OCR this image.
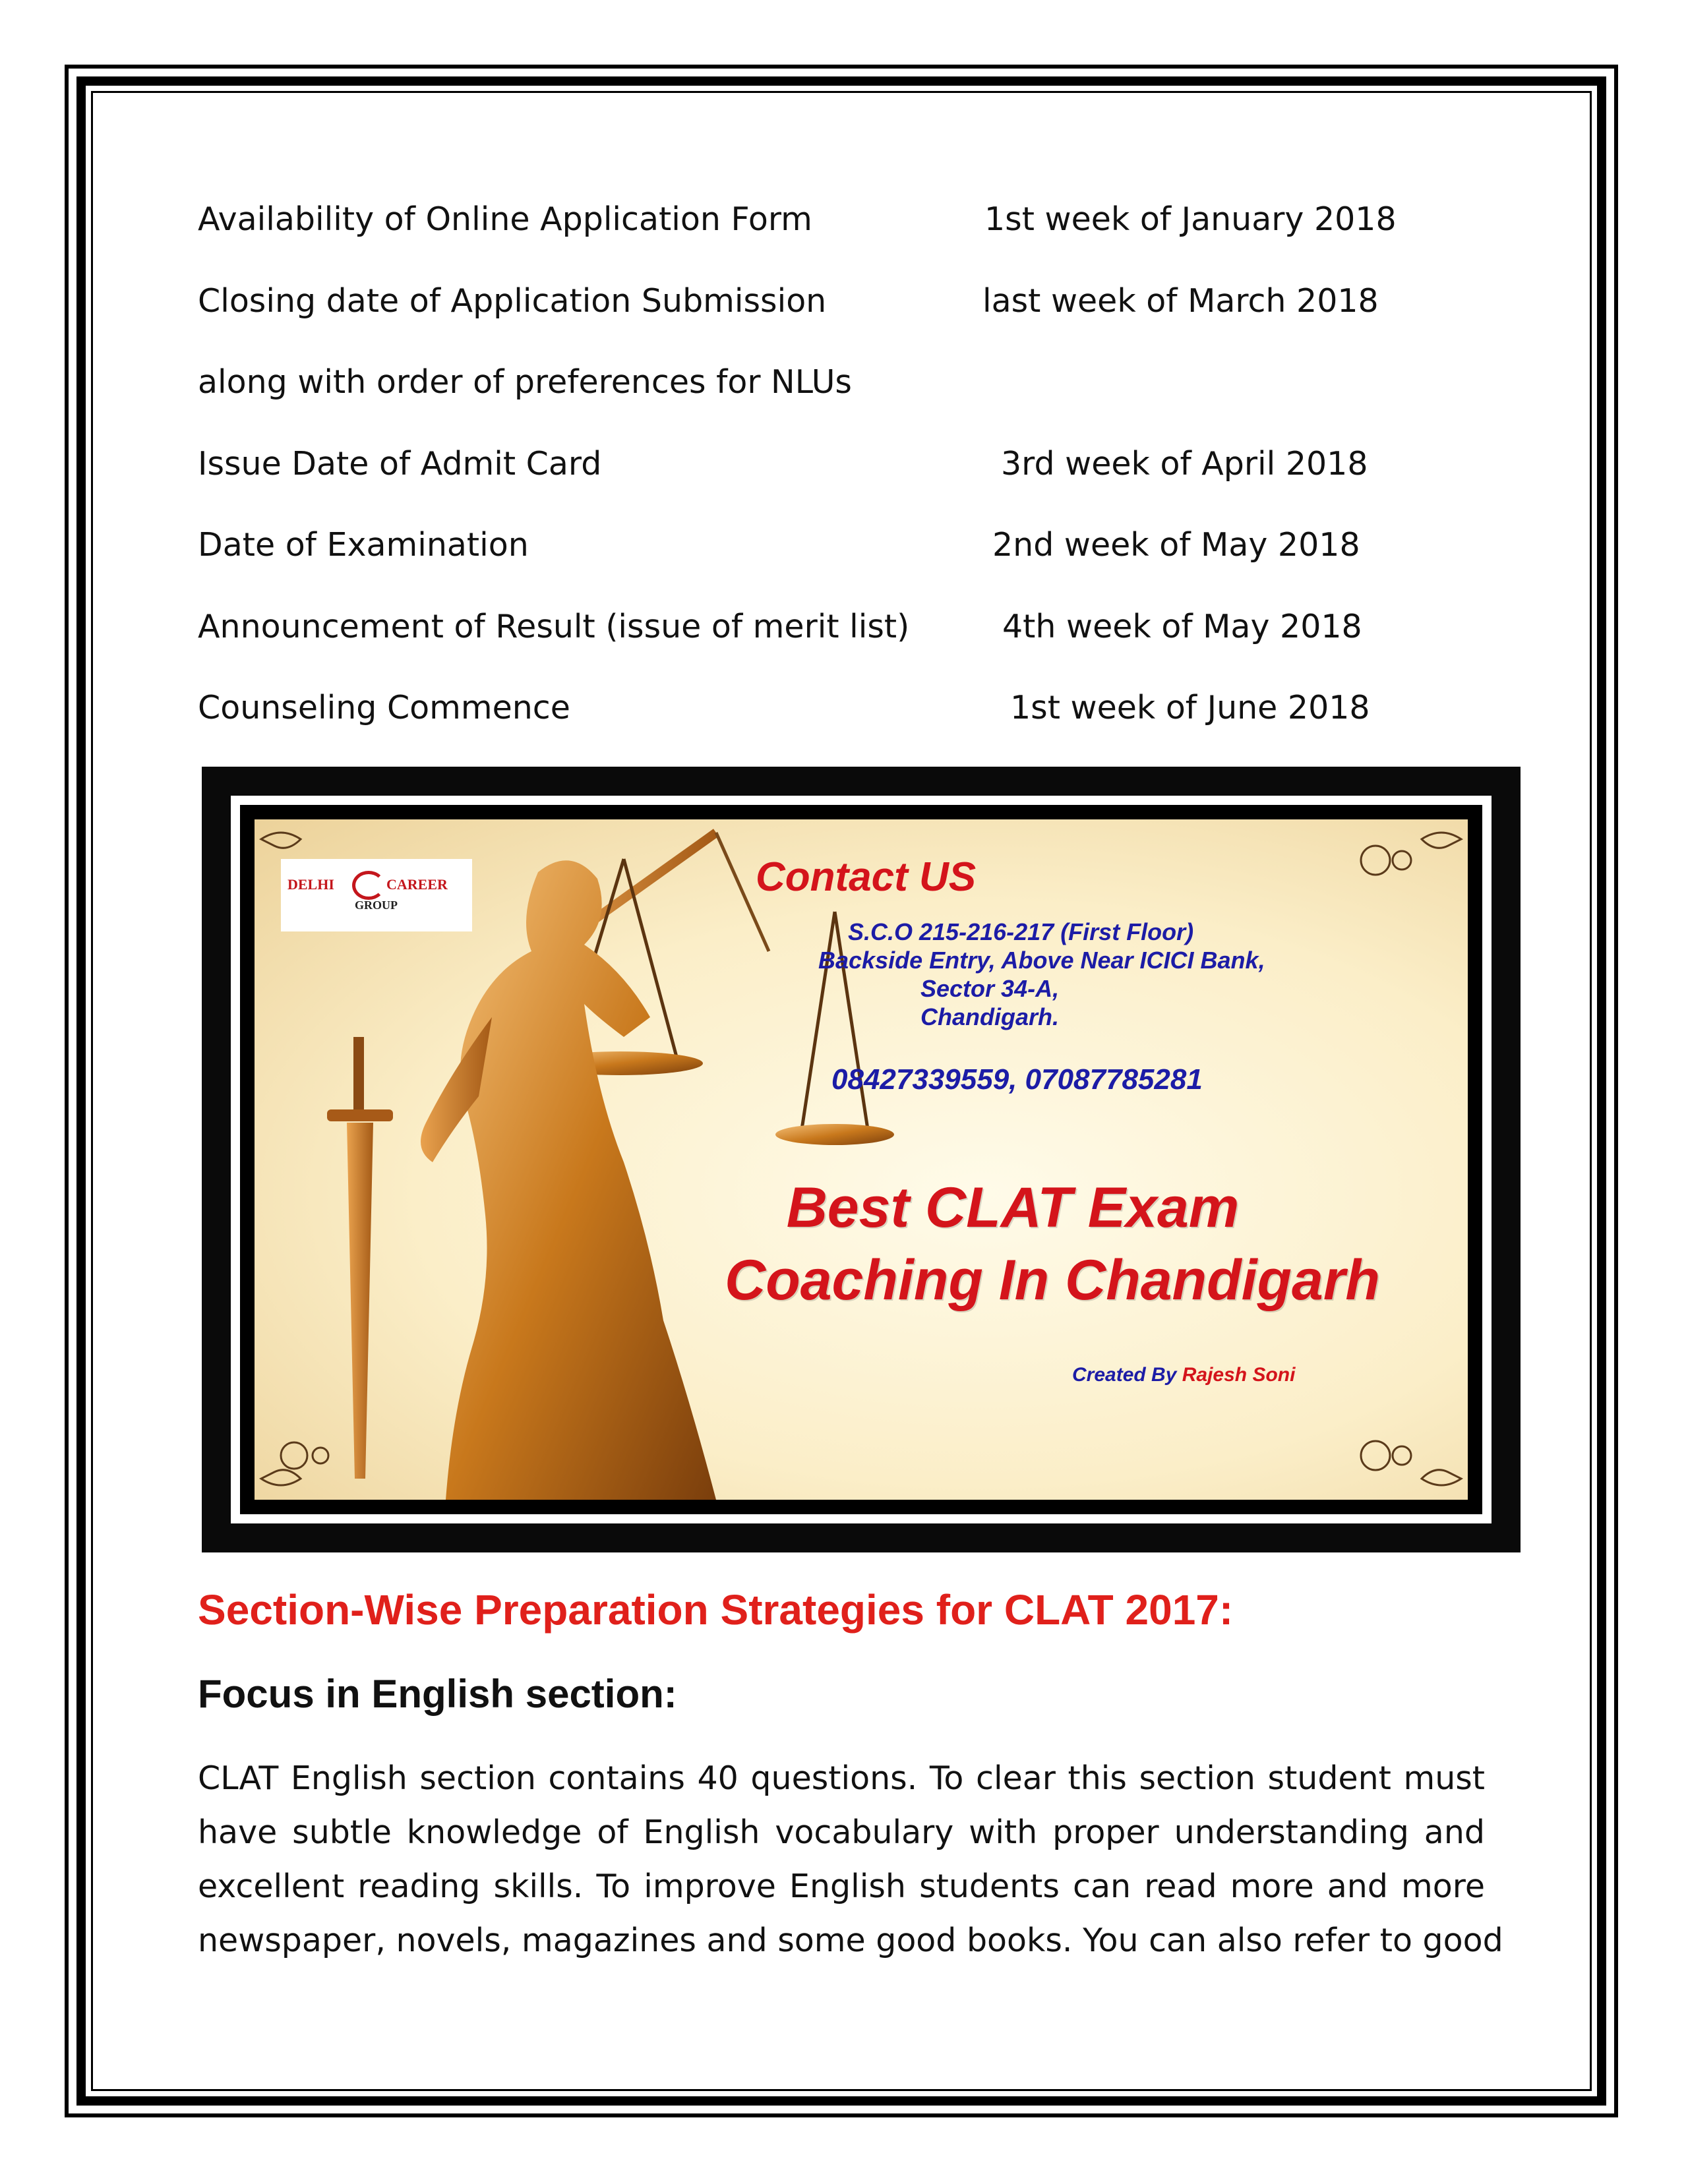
Availability of Online Application Form	1st week of January 2018
Closing date of Application Submission	last week of March 2018
along with order of preferences for NLUs
Issue Date of Admit Card	3rd week of April 2018
Date of Examination	2nd week of May 2018
Announcement of Result (issue of merit list)	4th week of May 2018
Counseling Commence	1st week of June 2018
DELHI	CAREER
GROUP
Contact US
S.C.O 215-216-217 (First Floor)
Backside Entry, Above Near ICICI Bank,
Sector 34-A,
Chandigarh.
08427339559, 07087785281
Best CLAT Exam
Coaching In Chandigarh
Created By Rajesh Soni
Section-Wise Preparation Strategies for CLAT 2017:
Focus in English section:
CLAT English section contains 40 questions. To clear this section student must
have subtle knowledge of English vocabulary with proper understanding and
excellent reading skills. To improve English students can read more and more
newspaper, novels, magazines and some good books. You can also refer to good
